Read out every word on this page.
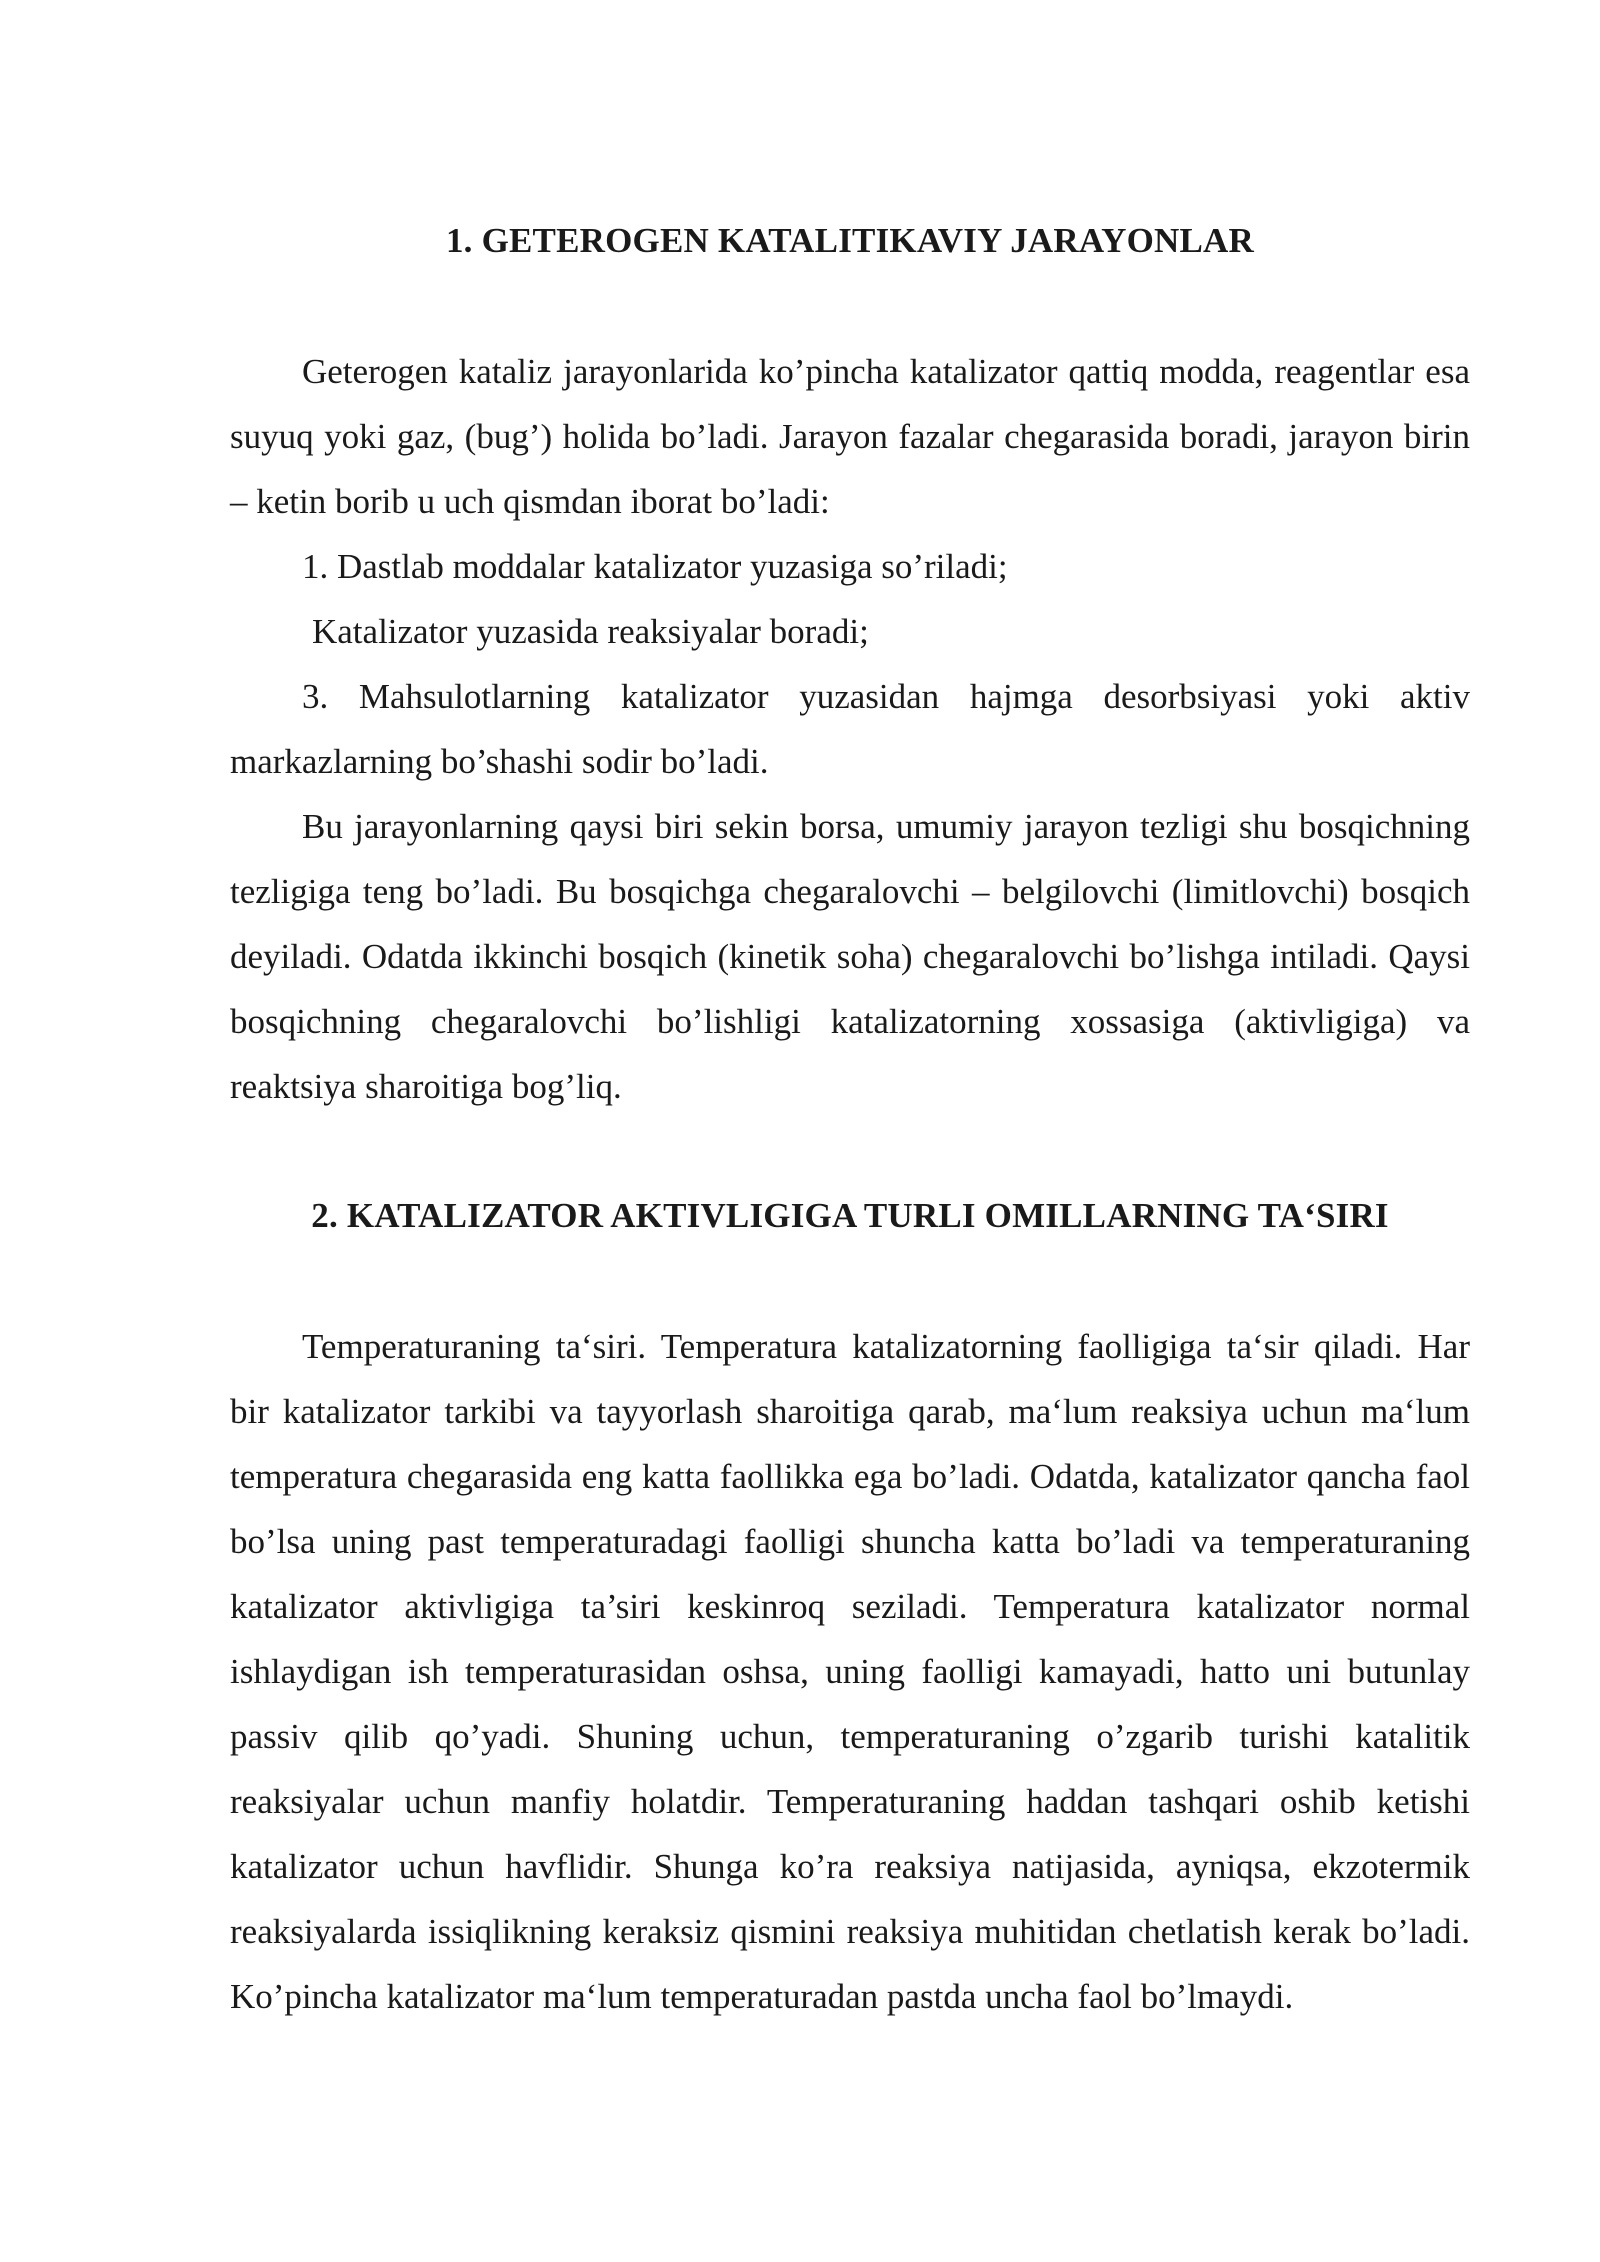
1. GETEROGEN KATALITIKAVIY JARAYONLAR

Geterogen kataliz jarayonlarida ko’pincha katalizator qattiq modda, reagentlar esa suyuq yoki gaz, (bug’) holida bo’ladi. Jarayon fazalar chegarasida boradi, jarayon birin – ketin borib u uch qismdan iborat bo’ladi:

1. Dastlab moddalar katalizator yuzasiga so’riladi;

Katalizator yuzasida reaksiyalar boradi;

3. Mahsulotlarning katalizator yuzasidan hajmga desorbsiyasi yoki aktiv markazlarning bo’shashi sodir bo’ladi.

Bu jarayonlarning qaysi biri sekin borsa, umumiy jarayon tezligi shu bosqichning tezligiga teng bo’ladi. Bu bosqichga chegaralovchi – belgilovchi (limitlovchi) bosqich deyiladi. Odatda ikkinchi bosqich (kinetik soha) chegaralovchi bo’lishga intiladi. Qaysi bosqichning chegaralovchi bo’lishligi katalizatorning xossasiga (aktivligiga) va reaktsiya sharoitiga bog’liq.

2. KATALIZATOR AKTIVLIGIGA TURLI OMILLARNING TA‘SIRI

Temperaturaning ta‘siri. Temperatura katalizatorning faolligiga ta‘sir qiladi. Har bir katalizator tarkibi va tayyorlash sharoitiga qarab, ma‘lum reaksiya uchun ma‘lum temperatura chegarasida eng katta faollikka ega bo’ladi. Odatda, katalizator qancha faol bo’lsa uning past temperaturadagi faolligi shuncha katta bo’ladi va temperaturaning katalizator aktivligiga ta’siri keskinroq seziladi. Temperatura katalizator normal ishlaydigan ish temperaturasidan oshsa, uning faolligi kamayadi, hatto uni butunlay passiv qilib qo’yadi. Shuning uchun, temperaturaning o’zgarib turishi katalitik reaksiyalar uchun manfiy holatdir. Temperaturaning haddan tashqari oshib ketishi katalizator uchun havflidir. Shunga ko’ra reaksiya natijasida, ayniqsa, ekzotermik reaksiyalarda issiqlikning keraksiz qismini reaksiya muhitidan chetlatish kerak bo’ladi. Ko’pincha katalizator ma‘lum temperaturadan pastda uncha faol bo’lmaydi.
